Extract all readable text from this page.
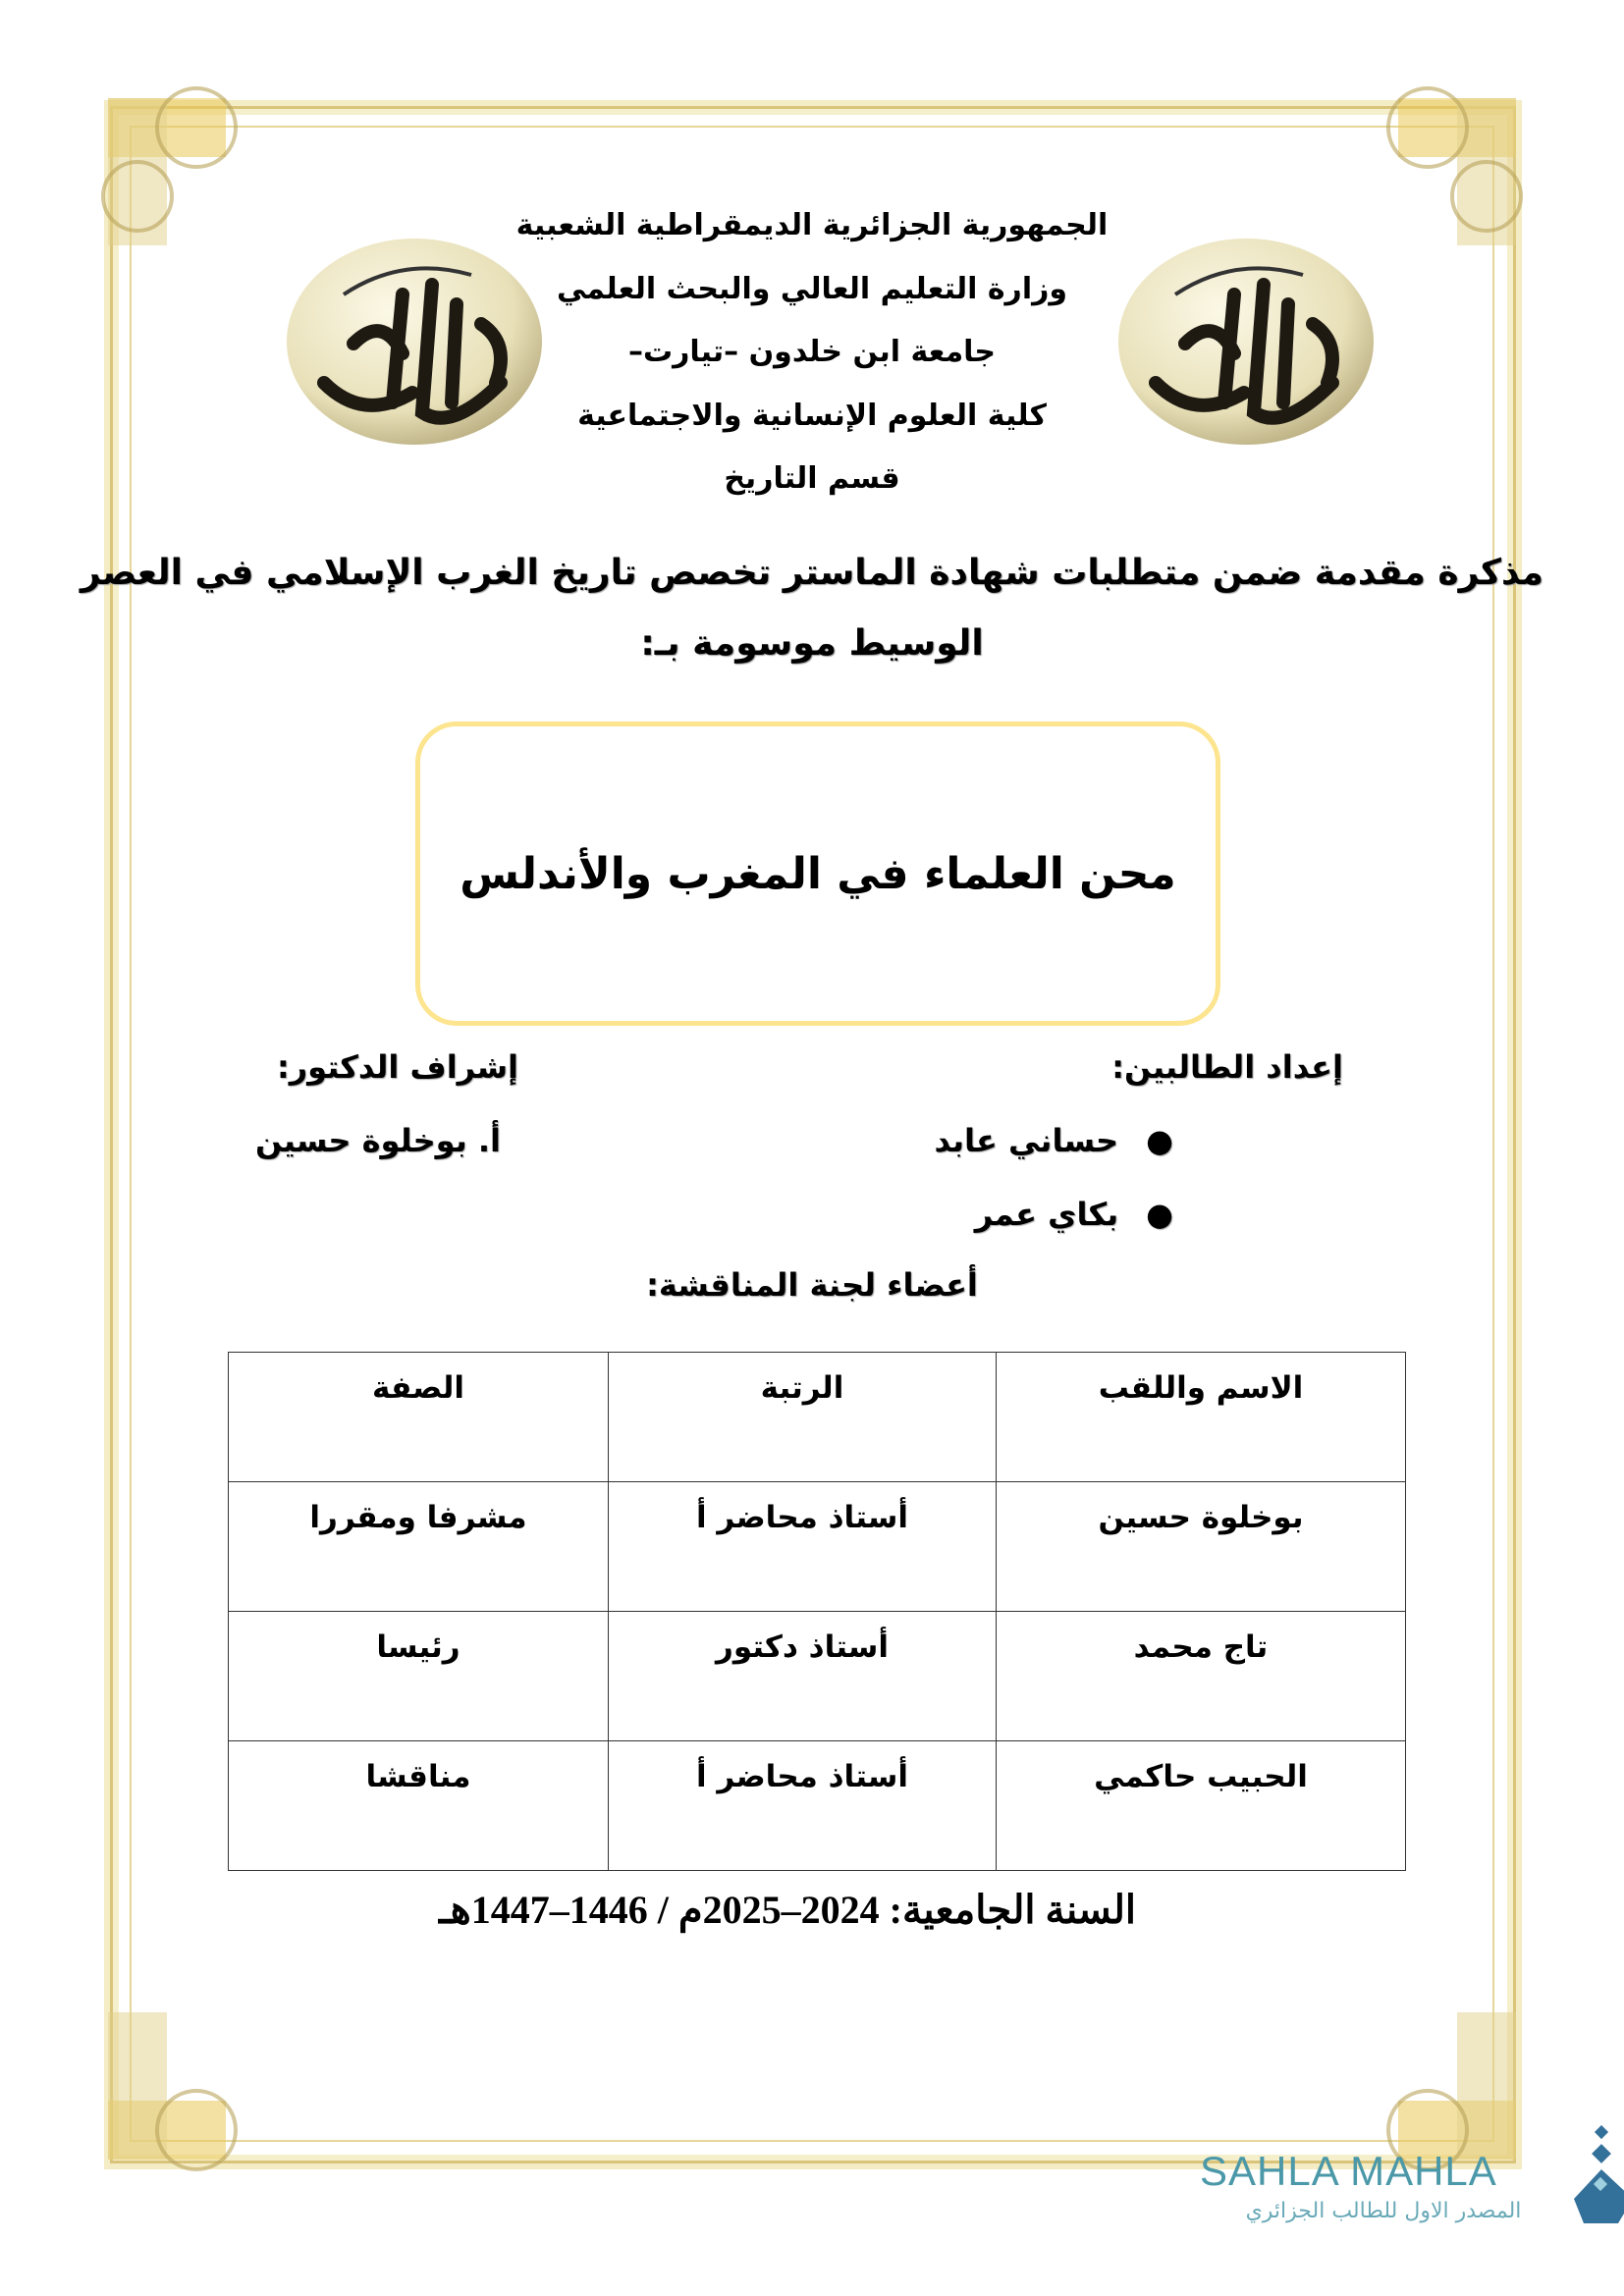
الجمهورية الجزائرية الديمقراطية الشعبية
وزارة التعليم العالي والبحث العلمي
جامعة ابن خلدون –تيارت–
كلية العلوم الإنسانية والاجتماعية
قسم التاريخ
مذكرة مقدمة ضمن متطلبات شهادة الماستر تخصص تاريخ الغرب الإسلامي في العصر
الوسيط موسومة بـ:
محن العلماء في المغرب والأندلس
إعداد الطالبين:
إشراف الدكتور:
●حساني عابد
●بكاي عمر
أ. بوخلوة حسين
أعضاء لجنة المناقشة:
الاسم واللقب	الرتبة	الصفة
بوخلوة حسين	أستاذ محاضر أ	مشرفا ومقررا
تاج محمد	أستاذ دكتور	رئيسا
الحبيب حاكمي	أستاذ محاضر أ	مناقشا
السنة الجامعية: 2024–2025م / 1446–1447هـ
SAHLA MAHLA
المصدر الاول للطالب الجزائري
